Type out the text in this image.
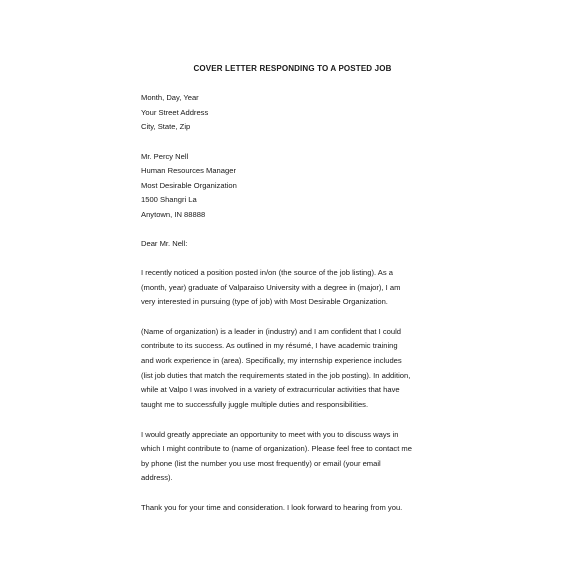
COVER LETTER RESPONDING TO A POSTED JOB
Month, Day, Year
Your Street Address
City, State, Zip
Mr. Percy Nell
Human Resources Manager
Most Desirable Organization
1500 Shangri La
Anytown, IN 88888
Dear Mr. Nell:
I recently noticed a position posted in/on (the source of the job listing). As a
(month, year) graduate of Valparaiso University with a degree in (major), I am
very interested in pursuing (type of job) with Most Desirable Organization.
(Name of organization) is a leader in (industry) and I am confident that I could
contribute to its success. As outlined in my résumé, I have academic training
and work experience in (area). Specifically, my internship experience includes
(list job duties that match the requirements stated in the job posting). In addition,
while at Valpo I was involved in a variety of extracurricular activities that have
taught me to successfully juggle multiple duties and responsibilities.
I would greatly appreciate an opportunity to meet with you to discuss ways in
which I might contribute to (name of organization). Please feel free to contact me
by phone (list the number you use most frequently) or email (your email
address).
Thank you for your time and consideration. I look forward to hearing from you.
